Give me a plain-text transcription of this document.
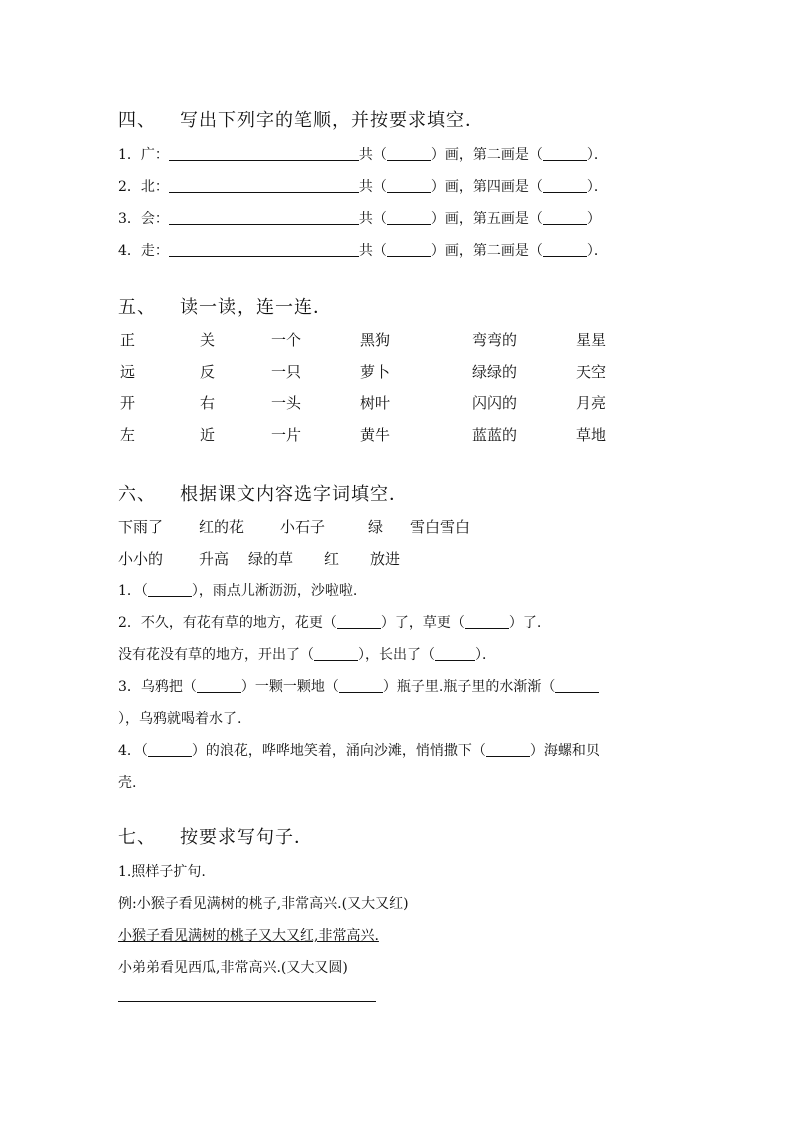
四、 写出下列字的笔顺，并按要求填空．
1．广：	共（	）画，第二画是（	）．
2．北：	共（	）画，第四画是（	）．
3．会：	共（	）画，第五画是（	）
4．走：	共（	）画，第二画是（	）．
五、 读一读，连一连．
正	关	一个	黑狗	弯弯的	星星
远	反	一只	萝卜	绿绿的	天空
开	右	一头	树叶	闪闪的	月亮
左	近	一片	黄牛	蓝蓝的	草地
六、 根据课文内容选字词填空．
下雨了 红的花 小石子	绿 雪白雪白
小小的 升高 绿的草 红 放进
1．（	），雨点儿淅沥沥，沙啦啦.
2．不久，有花有草的地方，花更（	）了，草更（	）了.
没有花没有草的地方，开出了（	），长出了（	）．
3．乌鸦把（	）一颗一颗地（	）瓶子里.瓶子里的水渐渐（
），乌鸦就喝着水了.
4．（	）的浪花，哗哗地笑着，涌向沙滩，悄悄撒下（	）海螺和贝
壳.
七、 按要求写句子．
1.照样子扩句.
例:小猴子看见满树的桃子,非常高兴.(又大又红)
小猴子看见满树的桃子又大又红,非常高兴.
小弟弟看见西瓜,非常高兴.(又大又圆)
